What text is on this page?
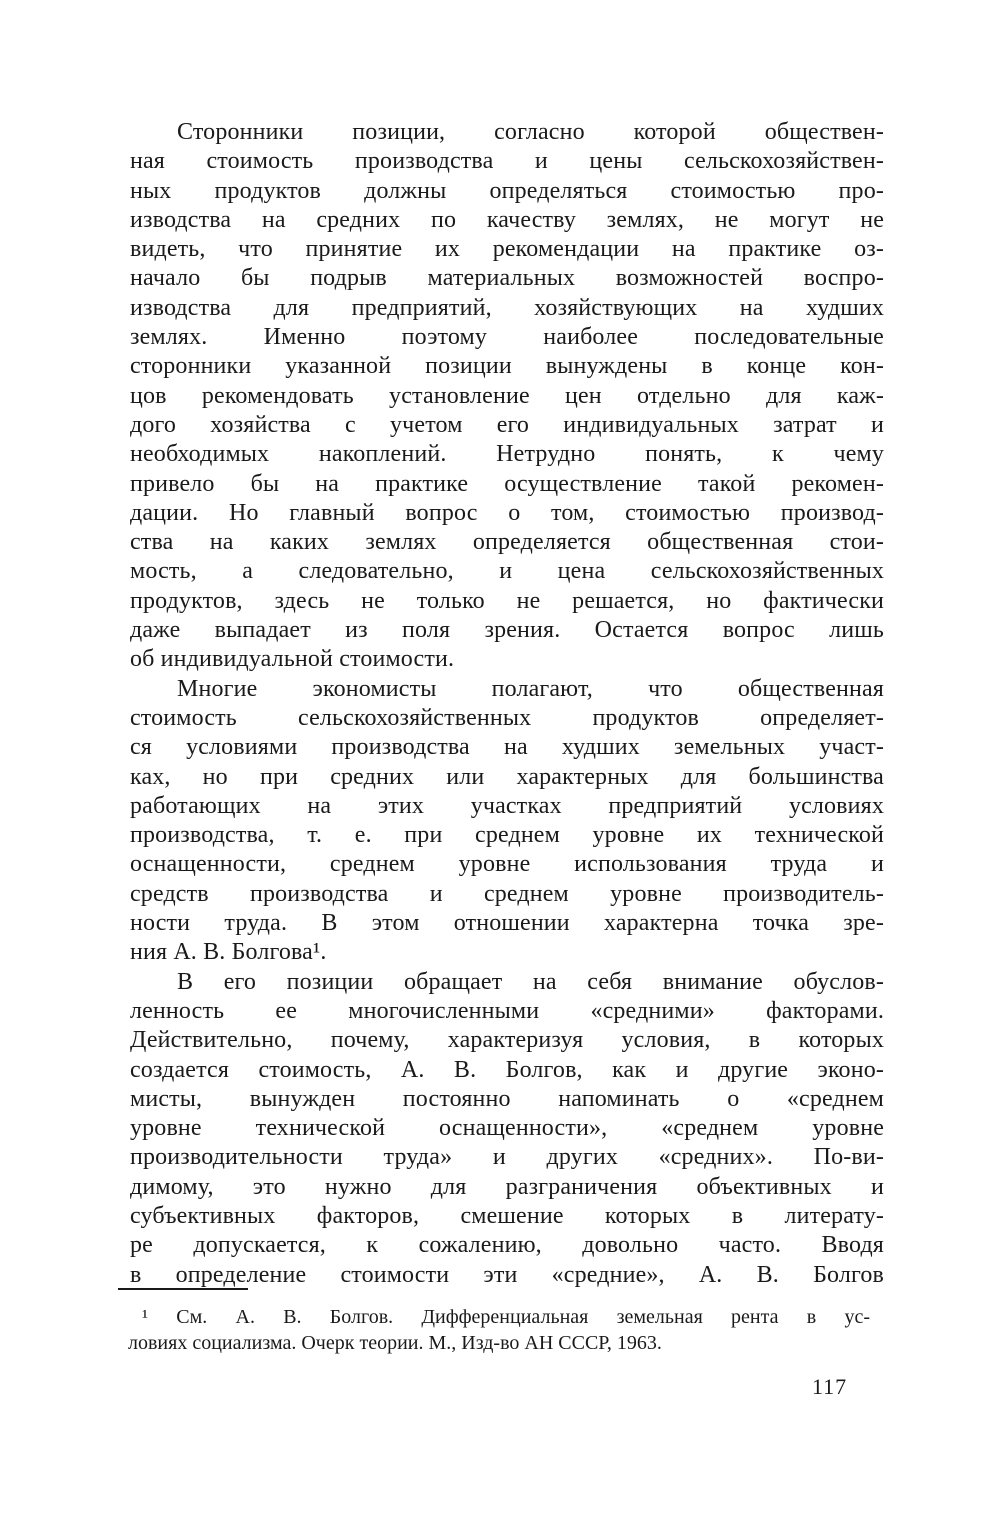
Сторонники позиции, согласно которой обществен-
ная стоимость производства и цены сельскохозяйствен-
ных продуктов должны определяться стоимостью про-
изводства на средних по качеству землях, не могут не
видеть, что принятие их рекомендации на практике оз-
начало бы подрыв материальных возможностей воспро-
изводства для предприятий, хозяйствующих на худших
землях. Именно поэтому наиболее последовательные
сторонники указанной позиции вынуждены в конце кон-
цов рекомендовать установление цен отдельно для каж-
дого хозяйства с учетом его индивидуальных затрат и
необходимых накоплений. Нетрудно понять, к чему
привело бы на практике осуществление такой рекомен-
дации. Но главный вопрос о том, стоимостью производ-
ства на каких землях определяется общественная стои-
мость, а следовательно, и цена сельскохозяйственных
продуктов, здесь не только не решается, но фактически
даже выпадает из поля зрения. Остается вопрос лишь
об индивидуальной стоимости.
Многие экономисты полагают, что общественная
стоимость сельскохозяйственных продуктов определяет-
ся условиями производства на худших земельных участ-
ках, но при средних или характерных для большинства
работающих на этих участках предприятий условиях
производства, т. е. при среднем уровне их технической
оснащенности, среднем уровне использования труда и
средств производства и среднем уровне производитель-
ности труда. В этом отношении характерна точка зре-
ния А. В. Болгова¹.
В его позиции обращает на себя внимание обуслов-
ленность ее многочисленными «средними» факторами.
Действительно, почему, характеризуя условия, в которых
создается стоимость, А. В. Болгов, как и другие эконо-
мисты, вынужден постоянно напоминать о «среднем
уровне технической оснащенности», «среднем уровне
производительности труда» и других «средних». По-ви-
димому, это нужно для разграничения объективных и
субъективных факторов, смешение которых в литерату-
ре допускается, к сожалению, довольно часто. Вводя
в определение стоимости эти «средние», А. В. Болгов
¹ См. А. В. Болгов. Дифференциальная земельная рента в ус-
ловиях социализма. Очерк теории. М., Изд-во АН СССР, 1963.
117
